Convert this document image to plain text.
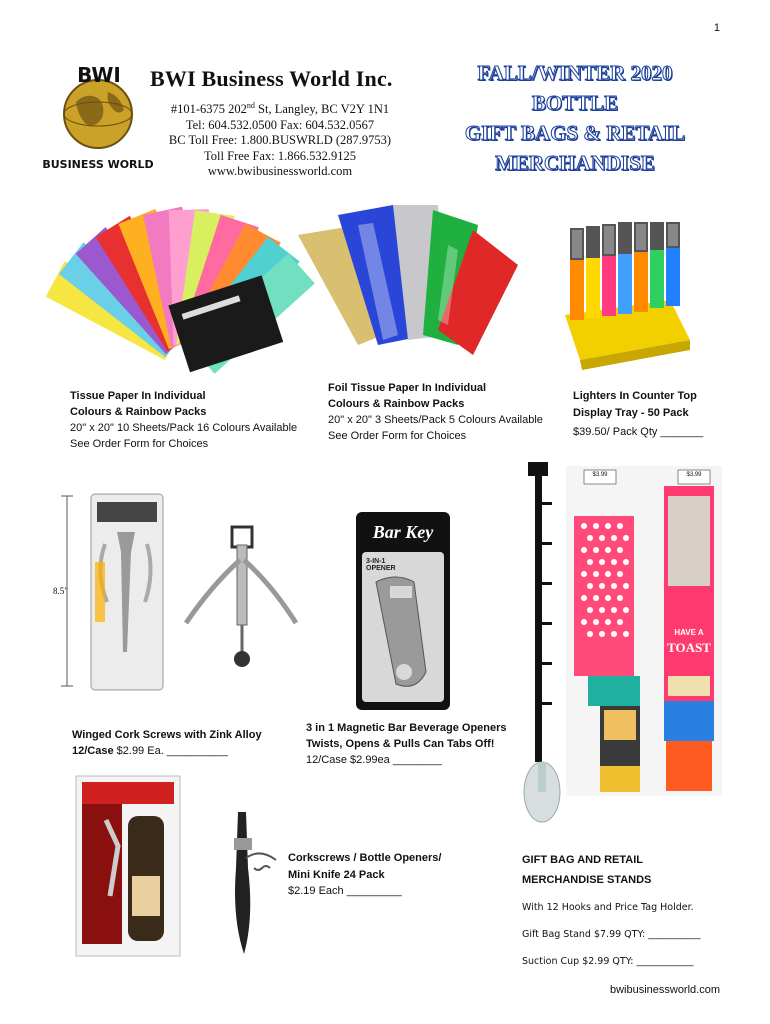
1
BWI
BUSINESS WORLD
BWI Business World Inc.
#101-6375 202nd St, Langley, BC V2Y 1N1
Tel: 604.532.0500 Fax: 604.532.0567
BC Toll Free: 1.800.BUSWRLD (287.9753)
Toll Free Fax: 1.866.532.9125
www.bwibusinessworld.com
FALL/WINTER 2020
BOTTLE
GIFT BAGS & RETAIL
MERCHANDISE
Tissue Paper In Individual
Colours & Rainbow Packs
20" x 20" 10 Sheets/Pack 16 Colours Available
See Order Form for Choices
Foil Tissue Paper In Individual
Colours & Rainbow Packs
20" x 20" 3 Sheets/Pack 5 Colours Available
See Order Form for Choices
Lighters In Counter Top
Display Tray - 50 Pack
$39.50/ Pack Qty _______
8.5"
Bar Key
3-IN-1 OPENER
$3.99	$3.99
HAVE A
TOAST
Winged Cork Screws with Zink Alloy
12/Case $2.99 Ea. __________
3 in 1 Magnetic Bar Beverage Openers
Twists, Opens & Pulls Can Tabs Off!
12/Case $2.99ea ________
Corkscrews / Bottle Openers/
Mini Knife 24 Pack
$2.19 Each _________
GIFT BAG AND RETAIL
MERCHANDISE STANDS
With 12 Hooks and Price Tag Holder.
Gift Bag Stand $7.99 QTY: ___________
Suction Cup $2.99 QTY: ____________
bwibusinessworld.com
